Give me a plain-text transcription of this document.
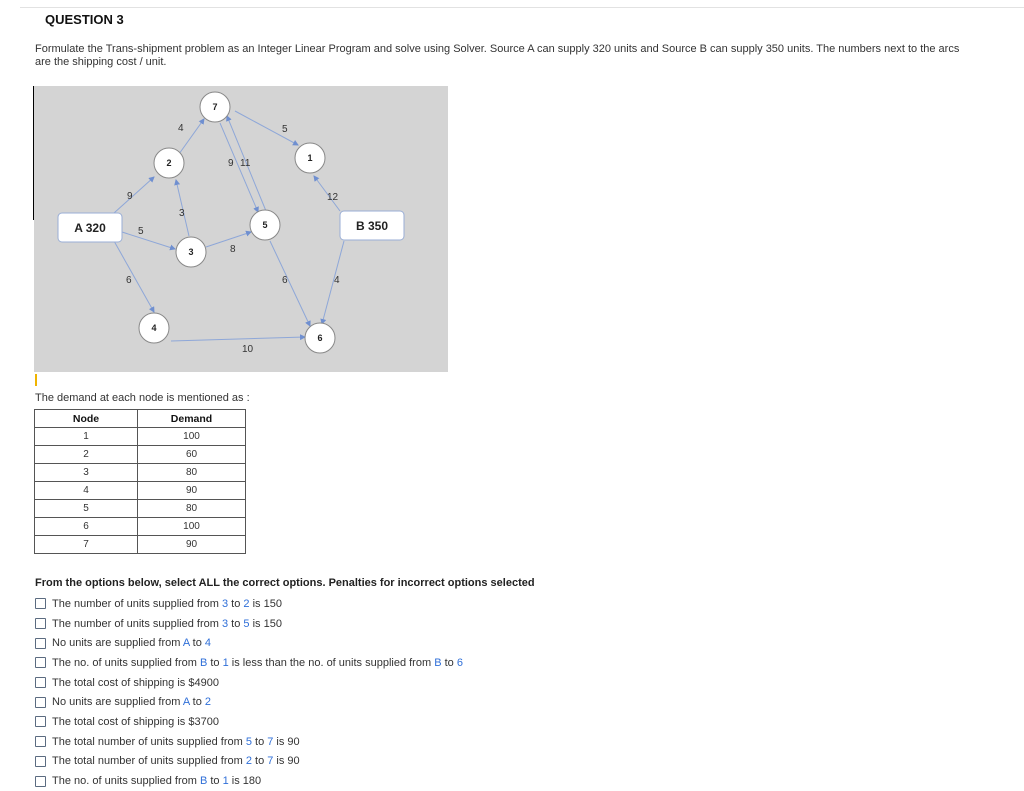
QUESTION 3
Formulate the Trans-shipment problem as an Integer Linear Program and solve using Solver. Source A can supply 320 units and Source B can supply 350 units. The numbers next to the arcs are the shipping cost / unit.
9
5
6
4
3
8
9 11
5
12
4
6
10
7
2	1
5
3
4
6
A 320	B 350
The demand at each node is mentioned as :
Node	Demand
1	100
2	60
3	80
4	90
5	80
6	100
7	90
From the options below, select ALL the correct options. Penalties for incorrect options selected
The number of units supplied from 3 to 2 is 150
The number of units supplied from 3 to 5 is 150
No units are supplied from A to 4
The no. of units supplied from B to 1 is less than the no. of units supplied from B to 6
The total cost of shipping is $4900
No units are supplied from A to 2
The total cost of shipping is $3700
The total number of units supplied from 5 to 7 is 90
The total number of units supplied from 2 to 7 is 90
The no. of units supplied from B to 1 is 180
